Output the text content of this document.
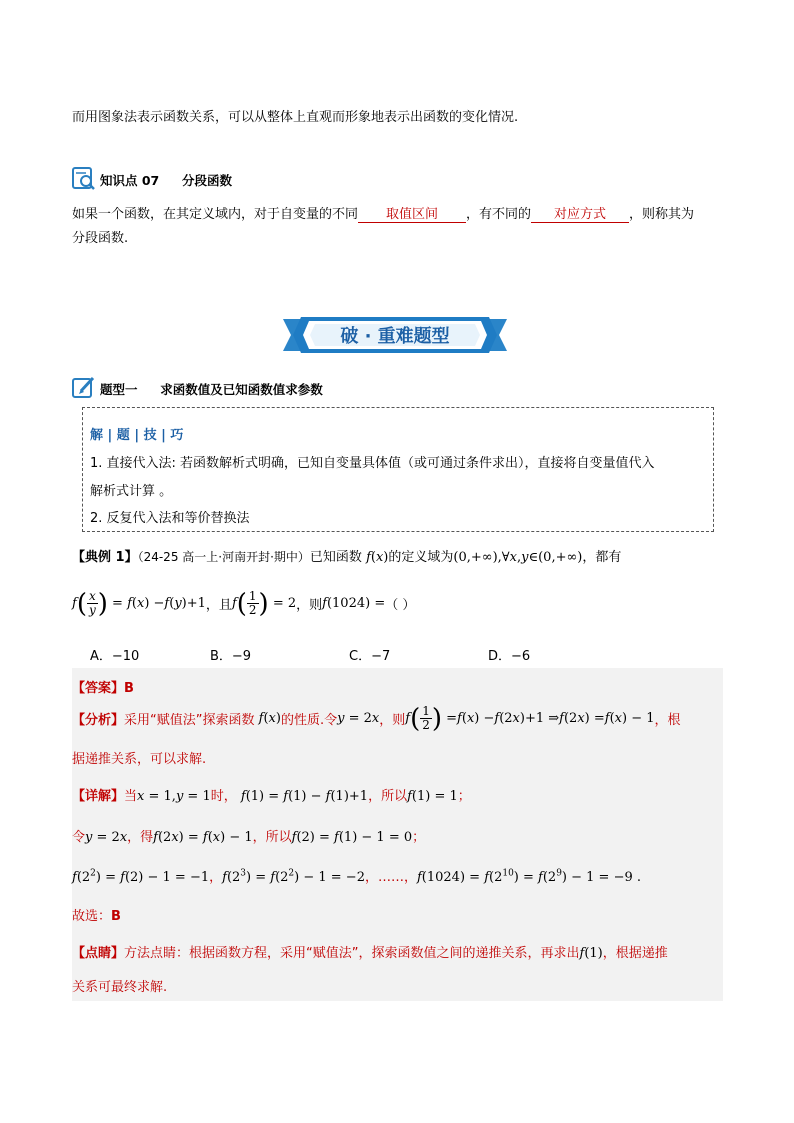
而用图象法表示函数关系，可以从整体上直观而形象地表示出函数的变化情况.
知识点 07 分段函数
如果一个函数，在其定义域内，对于自变量的不同 取值区间 ，有不同的 对应方式 ，则称其为
分段函数.
破 · 重难题型
题型一 求函数值及已知函数值求参数
解 | 题 | 技 | 巧
1. 直接代入法: 若函数解析式明确，已知自变量具体值（或可通过条件求出），直接将自变量值代入
解析式计算 。
2. 反复代入法和等价替换法
【典例 1】（24-25 高一上·河南开封·期中）已知函数 f(x)的定义域为(0,+∞),∀x,y∈(0,+∞)，都有
f ( $\frac{x}{y}$ ) = f ( x ) − f ( y )+1 ，且 f ( $\frac{1}{2}$ ) = 2 ，则 f (1024) = （ ）
A．−10	B．−9	C．−7	D．−6
【答案】B
【分析】 采用“赋值法”探索函数 f ( x ) 的性质.令 y = 2 x ，则 f ( $\frac{1}{2}$ ) = f ( x ) − f (2 x )+1 ⇒ f (2 x ) = f ( x ) − 1 ，根
据递推关系，可以求解.
【详解】当x = 1,y = 1时， f(1) = f(1) − f(1)+1，所以f(1) = 1；
令y = 2x，得f(2x) = f(x) − 1，所以f(2) = f(1) − 1 = 0；
$f(2^2) = f(2) - 1 = -1$，$f(2^3) = f(2^2) - 1 = -2$，……，$f(1024) = f(2^{10}) = f(2^9) - 1 = -9$ .
故选：B
【点睛】方法点睛：根据函数方程，采用“赋值法”，探索函数值之间的递推关系，再求出f(1)，根据递推
关系可最终求解.
